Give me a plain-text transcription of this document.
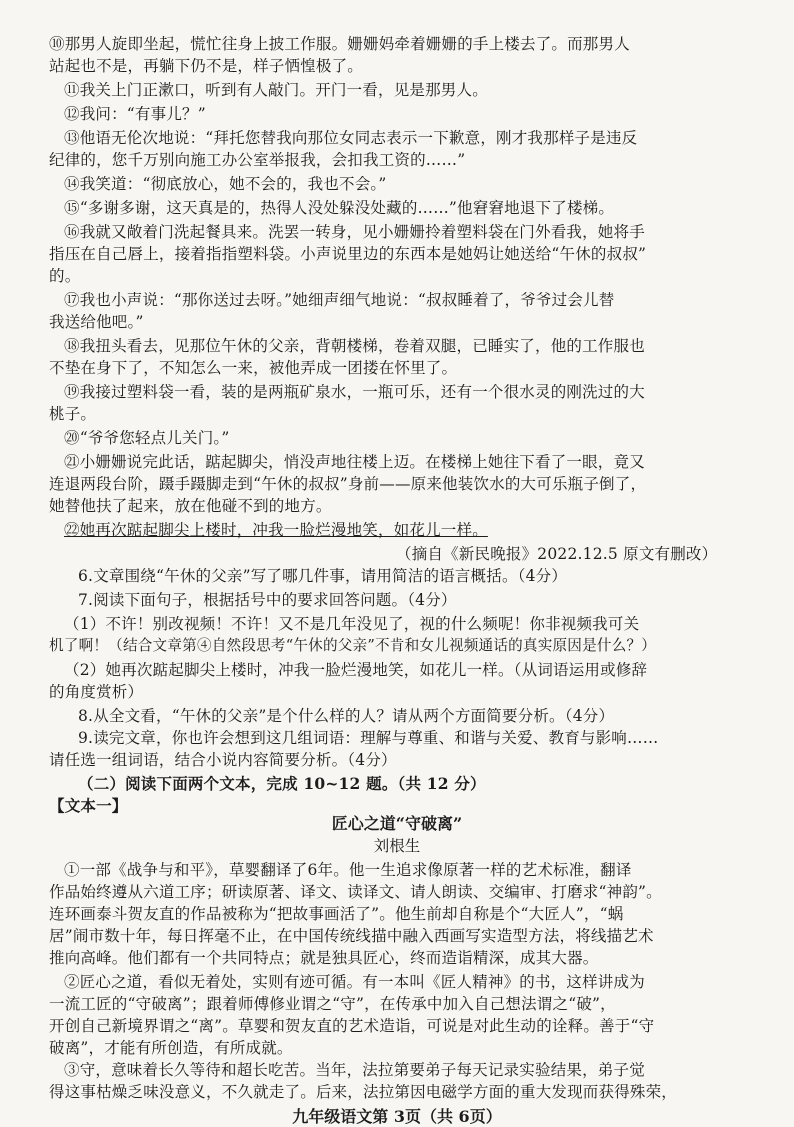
⑩那男人旋即坐起，慌忙往身上披工作服。姗姗妈牵着姗姗的手上楼去了。而那男人
站起也不是，再躺下仍不是，样子恓惶极了。
⑪我关上门正漱口，听到有人敲门。开门一看，见是那男人。
⑫我问：“有事儿？”
⑬他语无伦次地说：“拜托您替我向那位女同志表示一下歉意，刚才我那样子是违反
纪律的，您千万别向施工办公室举报我，会扣我工资的……”
⑭我笑道：“彻底放心，她不会的，我也不会。”
⑮“多谢多谢，这天真是的，热得人没处躲没处藏的……”他窘窘地退下了楼梯。
⑯我就又敞着门洗起餐具来。洗罢一转身，见小姗姗拎着塑料袋在门外看我，她将手
指压在自己唇上，接着指指塑料袋。小声说里边的东西本是她妈让她送给“午休的叔叔”
的。
⑰我也小声说：“那你送过去呀。”她细声细气地说：“叔叔睡着了，爷爷过会儿替
我送给他吧。”
⑱我扭头看去，见那位午休的父亲，背朝楼梯，卷着双腿，已睡实了，他的工作服也
不垫在身下了，不知怎么一来，被他弄成一团搂在怀里了。
⑲我接过塑料袋一看，装的是两瓶矿泉水，一瓶可乐，还有一个很水灵的刚洗过的大
桃子。
⑳“爷爷您轻点儿关门。”
㉑小姗姗说完此话，踮起脚尖，悄没声地往楼上迈。在楼梯上她往下看了一眼，竟又
连退两段台阶，蹑手蹑脚走到“午休的叔叔”身前——原来他装饮水的大可乐瓶子倒了，
她替他扶了起来，放在他碰不到的地方。
㉒她再次踮起脚尖上楼时，冲我一脸烂漫地笑，如花儿一样。
（摘自《新民晚报》2022.12.5 原文有删改）
6.文章围绕“午休的父亲”写了哪几件事，请用简洁的语言概括。（4分）
7.阅读下面句子，根据括号中的要求回答问题。（4分）
（1）不许！别改视频！不许！又不是几年没见了，视的什么频呢！你非视频我可关
机了啊！（结合文章第④自然段思考“午休的父亲”不肯和女儿视频通话的真实原因是什么？）
（2）她再次踮起脚尖上楼时，冲我一脸烂漫地笑，如花儿一样。（从词语运用或修辞
的角度赏析）
8.从全文看，“午休的父亲”是个什么样的人？请从两个方面简要分析。（4分）
9.读完文章，你也许会想到这几组词语：理解与尊重、和谐与关爱、教育与影响……
请任选一组词语，结合小说内容简要分析。（4分）
（二）阅读下面两个文本，完成 10~12 题。（共 12 分）
【文本一】
匠心之道“守破离”
刘根生
①一部《战争与和平》，草婴翻译了6年。他一生追求像原著一样的艺术标准，翻译
作品始终遵从六道工序；研读原著、译文、读译文、请人朗读、交编审、打磨求“神韵”。
连环画泰斗贺友直的作品被称为“把故事画活了”。他生前却自称是个“大匠人”，“蜗
居”闹市数十年，每日挥毫不止，在中国传统线描中融入西画写实造型方法，将线描艺术
推向高峰。他们都有一个共同特点；就是独具匠心，终而造诣精深，成其大器。
②匠心之道，看似无着处，实则有迹可循。有一本叫《匠人精神》的书，这样讲成为
一流工匠的“守破离”；跟着师傅修业谓之“守”，在传承中加入自己想法谓之“破”，
开创自己新境界谓之“离”。草婴和贺友直的艺术造诣，可说是对此生动的诠释。善于“守
破离”，才能有所创造，有所成就。
③守，意味着长久等待和超长吃苦。当年，法拉第要弟子每天记录实验结果，弟子觉
得这事枯燥乏味没意义，不久就走了。后来，法拉第因电磁学方面的重大发现而获得殊荣，
九年级语文第 3页（共 6页）
